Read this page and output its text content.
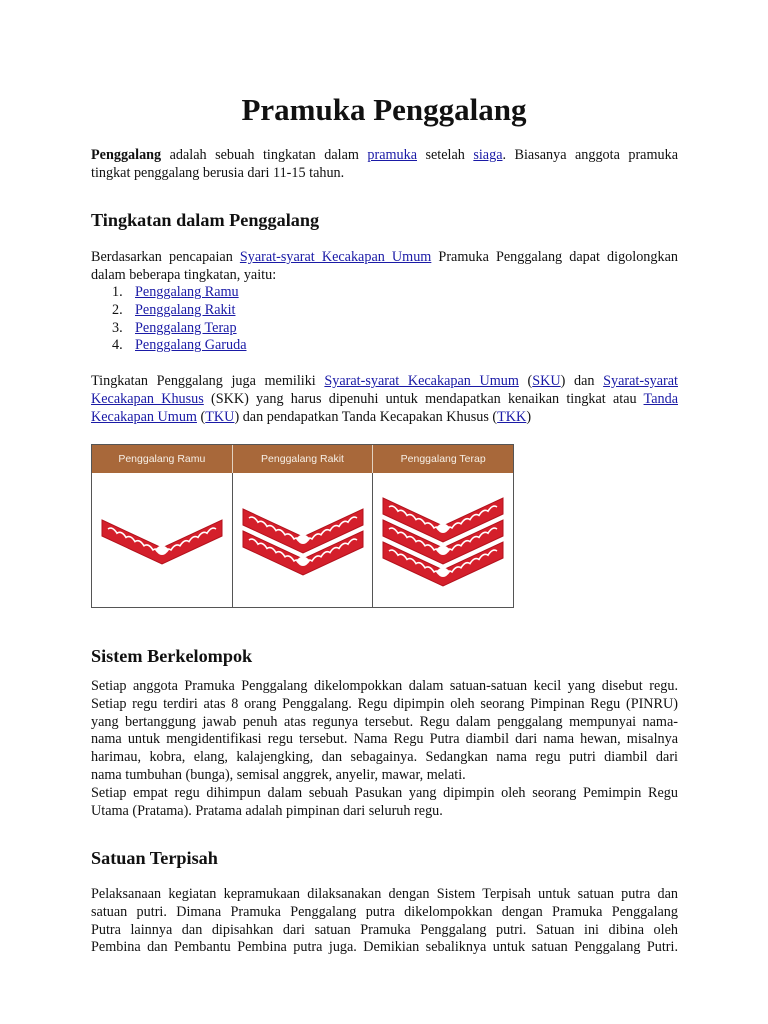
Pramuka Penggalang

Penggalang adalah sebuah tingkatan dalam pramuka setelah siaga. Biasanya anggota pramuka
tingkat penggalang berusia dari 11-15 tahun.

Tingkatan dalam Penggalang

Berdasarkan pencapaian Syarat-syarat Kecakapan Umum Pramuka Penggalang dapat digolongkan
dalam beberapa tingkatan, yaitu:

1. Penggalang Ramu
2. Penggalang Rakit
3. Penggalang Terap
4. Penggalang Garuda

Tingkatan Penggalang juga memiliki Syarat-syarat Kecakapan Umum (SKU) dan Syarat-syarat
Kecakapan Khusus (SKK) yang harus dipenuhi untuk mendapatkan kenaikan tingkat atau Tanda
Kecakapan Umum (TKU) dan pendapatkan Tanda Kecapakan Khusus (TKK)

Penggalang Ramu	Penggalang Rakit	Penggalang Terap
Sistem Berkelompok

Setiap anggota Pramuka Penggalang dikelompokkan dalam satuan-satuan kecil yang disebut regu.
Setiap regu terdiri atas 8 orang Penggalang. Regu dipimpin oleh seorang Pimpinan Regu (PINRU)
yang bertanggung jawab penuh atas regunya tersebut. Regu dalam penggalang mempunyai nama-
nama untuk mengidentifikasi regu tersebut. Nama Regu Putra diambil dari nama hewan, misalnya
harimau, kobra, elang, kalajengking, dan sebagainya. Sedangkan nama regu putri diambil dari
nama tumbuhan (bunga), semisal anggrek, anyelir, mawar, melati.
Setiap empat regu dihimpun dalam sebuah Pasukan yang dipimpin oleh seorang Pemimpin Regu
Utama (Pratama). Pratama adalah pimpinan dari seluruh regu.

Satuan Terpisah

Pelaksanaan kegiatan kepramukaan dilaksanakan dengan Sistem Terpisah untuk satuan putra dan
satuan putri. Dimana Pramuka Penggalang putra dikelompokkan dengan Pramuka Penggalang
Putra lainnya dan dipisahkan dari satuan Pramuka Penggalang putri. Satuan ini dibina oleh
Pembina dan Pembantu Pembina putra juga. Demikian sebaliknya untuk satuan Penggalang Putri.
